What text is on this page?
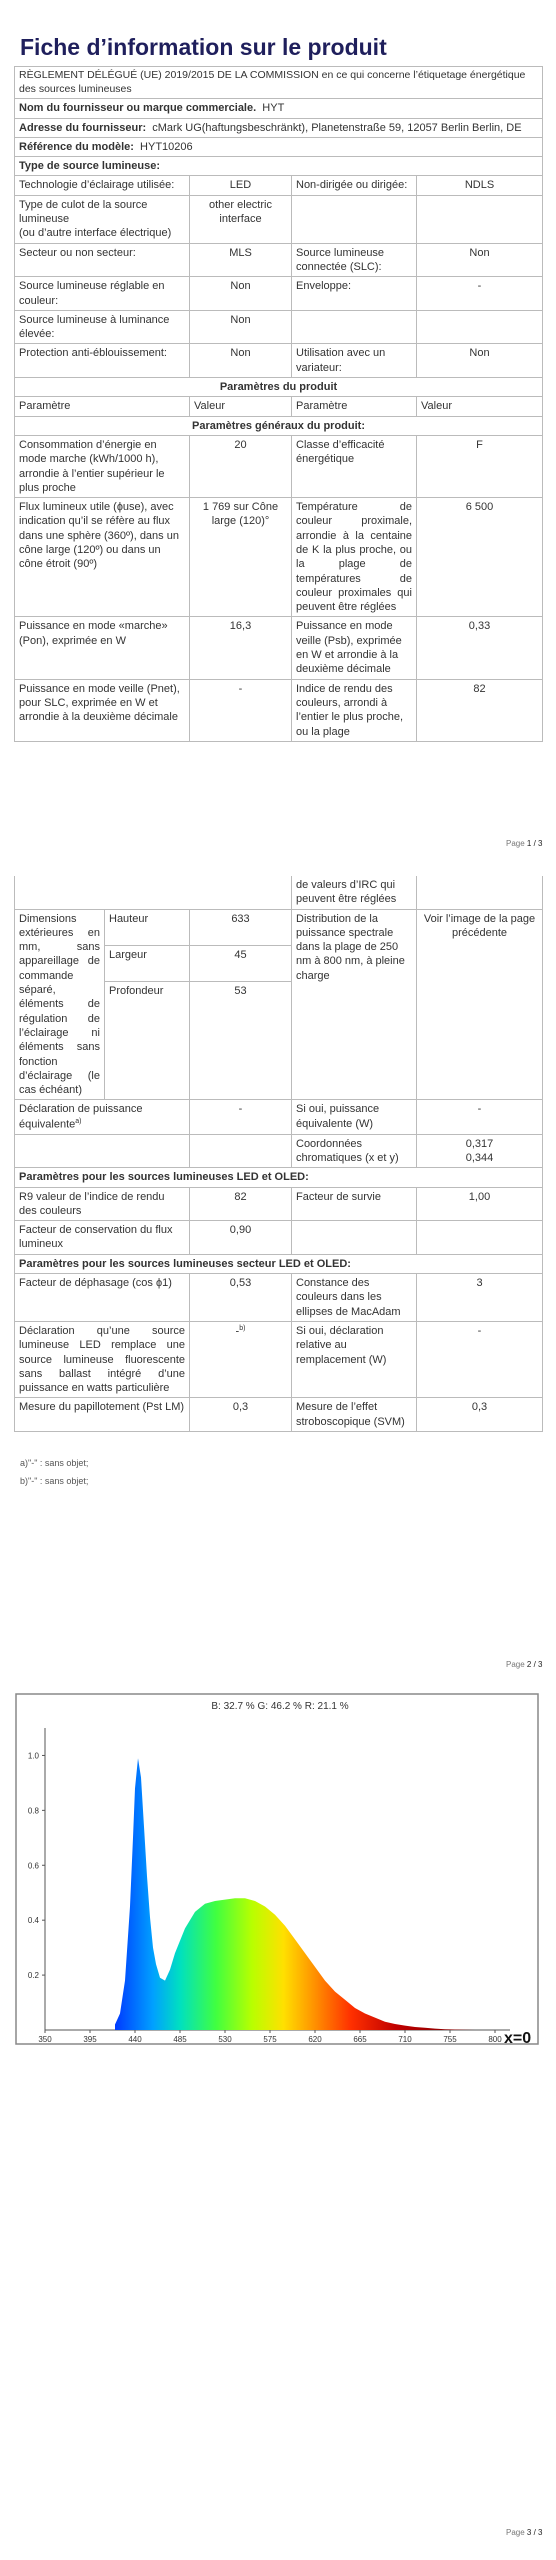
Fiche d’information sur le produit
RÈGLEMENT DÉLÉGUÉ (UE) 2019/2015 DE LA COMMISSION en ce qui concerne l’étiquetage énergétique des sources lumineuses			
Nom du fournisseur ou marque commerciale. HYT			
Adresse du fournisseur: cMark UG(haftungsbeschränkt), Planetenstraße 59, 12057 Berlin Berlin, DE			
Référence du modèle: HYT10206			
Type de source lumineuse:			
Technologie d’éclairage utilisée:	LED	Non-dirigée ou dirigée:	NDLS
Type de culot de la source lumineuse
(ou d’autre interface électrique)	other electric interface		
Secteur ou non secteur:	MLS	Source lumineuse connectée (SLC):	Non
Source lumineuse réglable en couleur:	Non	Enveloppe:	-
Source lumineuse à luminance élevée:	Non		
Protection anti-éblouissement:	Non	Utilisation avec un variateur:	Non
Paramètres du produit			
Paramètre	Valeur	Paramètre	Valeur
Paramètres généraux du produit:			
Consommation d’énergie en mode marche (kWh/1000 h), arrondie à l’entier supérieur le plus proche	20	Classe d’efficacité énergétique	F
Flux lumineux utile (ɸuse), avec indication qu’il se réfère au flux dans une sphère (360º), dans un cône large (120º) ou dans un cône étroit (90º)	1 769 sur Cône large (120)°	Température de couleur proximale, arrondie à la centaine de K la plus proche, ou la plage de températures de couleur proximales qui peuvent être réglées	6 500
Puissance en mode «marche» (Pon), exprimée en W	16,3	Puissance en mode veille (Psb), exprimée en W et arrondie à la deuxième décimale	0,33
Puissance en mode veille (Pnet), pour SLC, exprimée en W et arrondie à la deuxième décimale	-	Indice de rendu des couleurs, arrondi à l’entier le plus proche, ou la plage	82
Page 1 / 3
			de valeurs d’IRC qui peuvent être réglées	
Dimensions extérieures en mm, sans appareillage de commande séparé, éléments de régulation de l’éclairage ni éléments sans fonction d’éclairage (le cas échéant)	Hauteur	633	Distribution de la puissance spectrale dans la plage de 250 nm à 800 nm, à pleine charge	Voir l’image de la page précédente
	Largeur	45		
	Profondeur	53		
Déclaration de puissance équivalente$^{a)}$		-	Si oui, puissance équivalente (W)	-
			Coordonnées chromatiques (x et y)	0,317
0,344
Paramètres pour les sources lumineuses LED et OLED:				
R9 valeur de l’indice de rendu des couleurs		82	Facteur de survie	1,00
Facteur de conservation du flux lumineux		0,90		
Paramètres pour les sources lumineuses secteur LED et OLED:				
Facteur de déphasage (cos ϕ1)		0,53	Constance des couleurs dans les ellipses de MacAdam	3
Déclaration qu’une source lumineuse LED remplace une source lumineuse fluorescente sans ballast intégré d’une puissance en watts particulière		-$^{b)}$	Si oui, déclaration relative au remplacement (W)	-
Mesure du papillotement (Pst LM)		0,3	Mesure de l’effet stroboscopique (SVM)	0,3
a)"-" : sans objet;
b)"-" : sans objet;
Page 2 / 3
B: 32.7 % G: 46.2 % R: 21.1 %
350	395	440	485	530	575	620	665	710	755	800
1.0
0.8
0.6
0.4
0.2
x=0
Page 3 / 3
